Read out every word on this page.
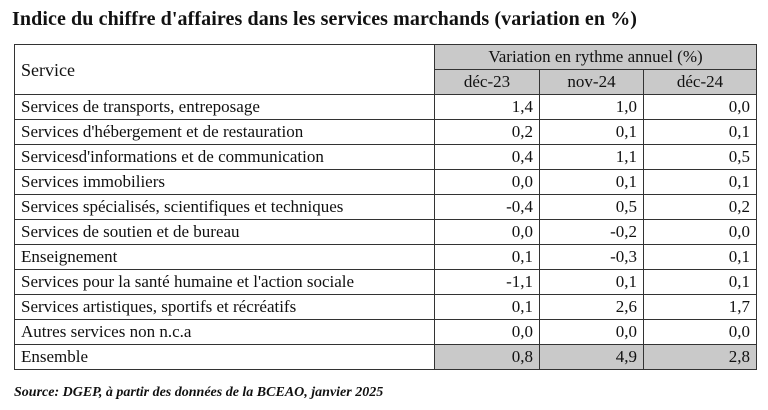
Indice du chiffre d'affaires dans les services marchands (variation en %)
Service	Variation en rythme annuel (%)		
	déc-23	nov-24	déc-24
Services de transports, entreposage	1,4	1,0	0,0
Services d'hébergement et de restauration	0,2	0,1	0,1
Servicesd'informations et de communication	0,4	1,1	0,5
Services immobiliers	0,0	0,1	0,1
Services spécialisés, scientifiques et techniques	-0,4	0,5	0,2
Services de soutien et de bureau	0,0	-0,2	0,0
Enseignement	0,1	-0,3	0,1
Services pour la santé humaine et l'action sociale	-1,1	0,1	0,1
Services artistiques, sportifs et récréatifs	0,1	2,6	1,7
Autres services non n.c.a	0,0	0,0	0,0
Ensemble	0,8	4,9	2,8
Source: DGEP, à partir des données de la BCEAO, janvier 2025
